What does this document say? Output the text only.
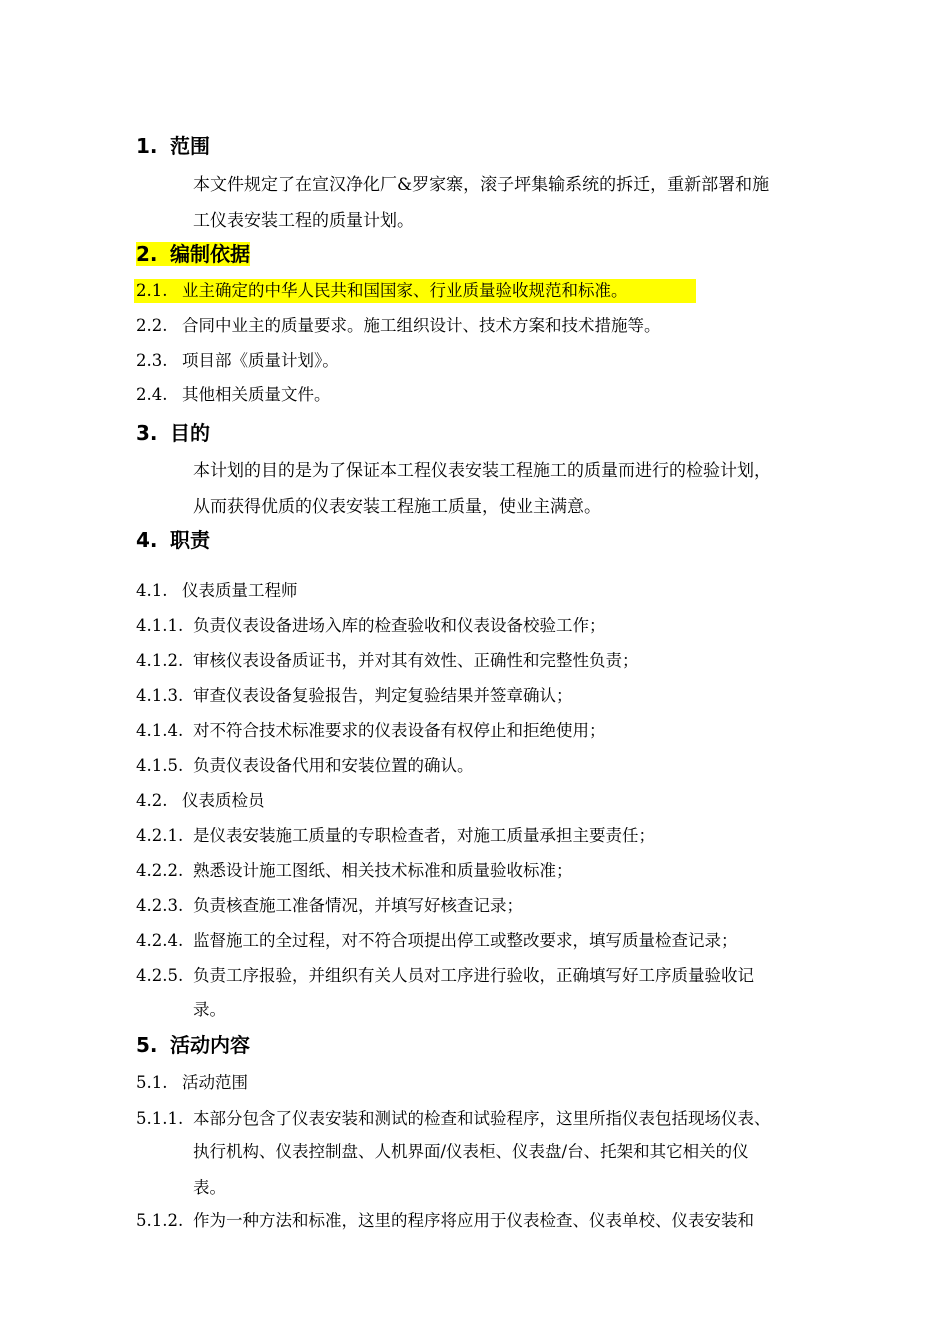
1. 范围
本文件规定了在宣汉净化厂&罗家寨，滚子坪集输系统的拆迁，重新部署和施
工仪表安装工程的质量计划。
2. 编制依据
2.1. 业主确定的中华人民共和国国家、行业质量验收规范和标准。
2.2. 合同中业主的质量要求。施工组织设计、技术方案和技术措施等。
2.3. 项目部《质量计划》。
2.4. 其他相关质量文件。
3. 目的
本计划的目的是为了保证本工程仪表安装工程施工的质量而进行的检验计划，
从而获得优质的仪表安装工程施工质量，使业主满意。
4. 职责
4.1. 仪表质量工程师
4.1.1. 负责仪表设备进场入库的检查验收和仪表设备校验工作；
4.1.2. 审核仪表设备质证书，并对其有效性、正确性和完整性负责；
4.1.3. 审查仪表设备复验报告，判定复验结果并签章确认；
4.1.4. 对不符合技术标准要求的仪表设备有权停止和拒绝使用；
4.1.5. 负责仪表设备代用和安装位置的确认。
4.2. 仪表质检员
4.2.1. 是仪表安装施工质量的专职检查者，对施工质量承担主要责任；
4.2.2. 熟悉设计施工图纸、相关技术标准和质量验收标准；
4.2.3. 负责核查施工准备情况，并填写好核查记录；
4.2.4. 监督施工的全过程，对不符合项提出停工或整改要求，填写质量检查记录；
4.2.5. 负责工序报验，并组织有关人员对工序进行验收，正确填写好工序质量验收记
录。
5. 活动内容
5.1. 活动范围
5.1.1. 本部分包含了仪表安装和测试的检查和试验程序，这里所指仪表包括现场仪表、
执行机构、仪表控制盘、人机界面/仪表柜、仪表盘/台、托架和其它相关的仪
表。
5.1.2. 作为一种方法和标准，这里的程序将应用于仪表检查、仪表单校、仪表安装和
